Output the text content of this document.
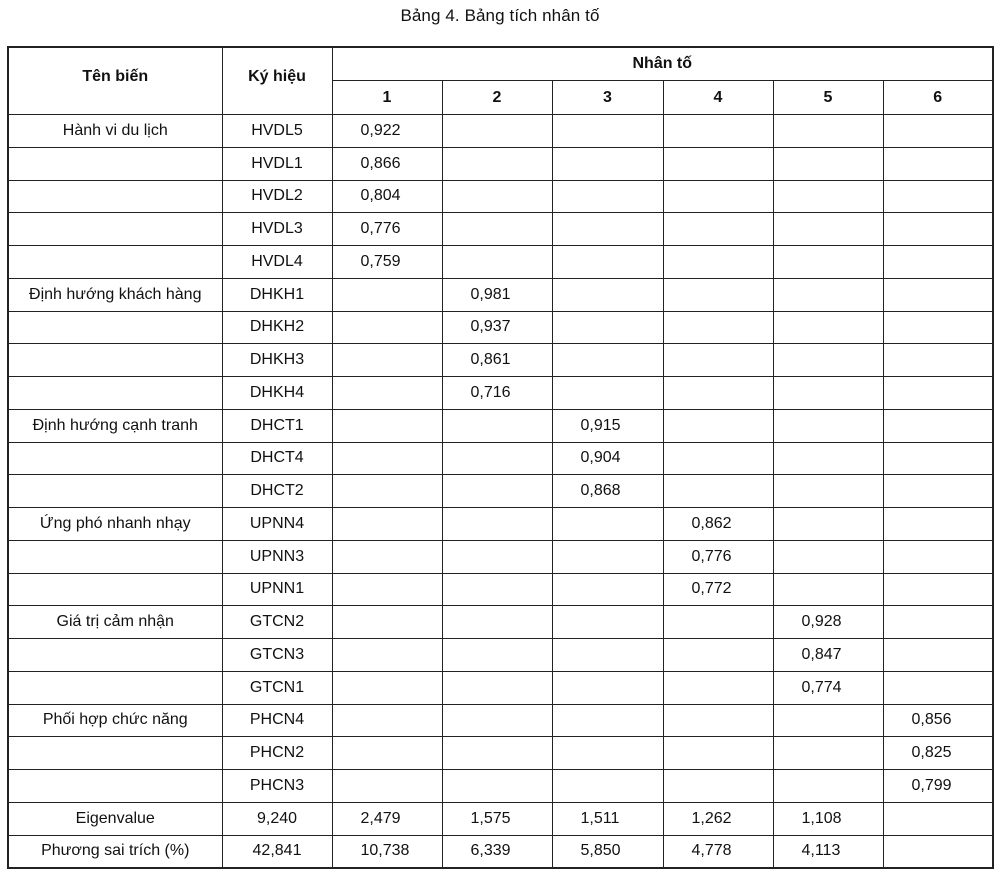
Bảng 4. Bảng tích nhân tố
Tên biến	Ký hiệu	Nhân tố					
		1	2	3	4	5	6
Hành vi du lịch	HVDL5	0,922					
	HVDL1	0,866					
	HVDL2	0,804					
	HVDL3	0,776					
	HVDL4	0,759					
Định hướng khách hàng	DHKH1		0,981				
	DHKH2		0,937				
	DHKH3		0,861				
	DHKH4		0,716				
Định hướng cạnh tranh	DHCT1			0,915			
	DHCT4			0,904			
	DHCT2			0,868			
Ứng phó nhanh nhạy	UPNN4				0,862		
	UPNN3				0,776		
	UPNN1				0,772		
Giá trị cảm nhận	GTCN2					0,928	
	GTCN3					0,847	
	GTCN1					0,774	
Phối hợp chức năng	PHCN4						0,856
	PHCN2						0,825
	PHCN3						0,799
Eigenvalue	9,240	2,479	1,575	1,511	1,262	1,108	
Phương sai trích (%)	42,841	10,738	6,339	5,850	4,778	4,113	
